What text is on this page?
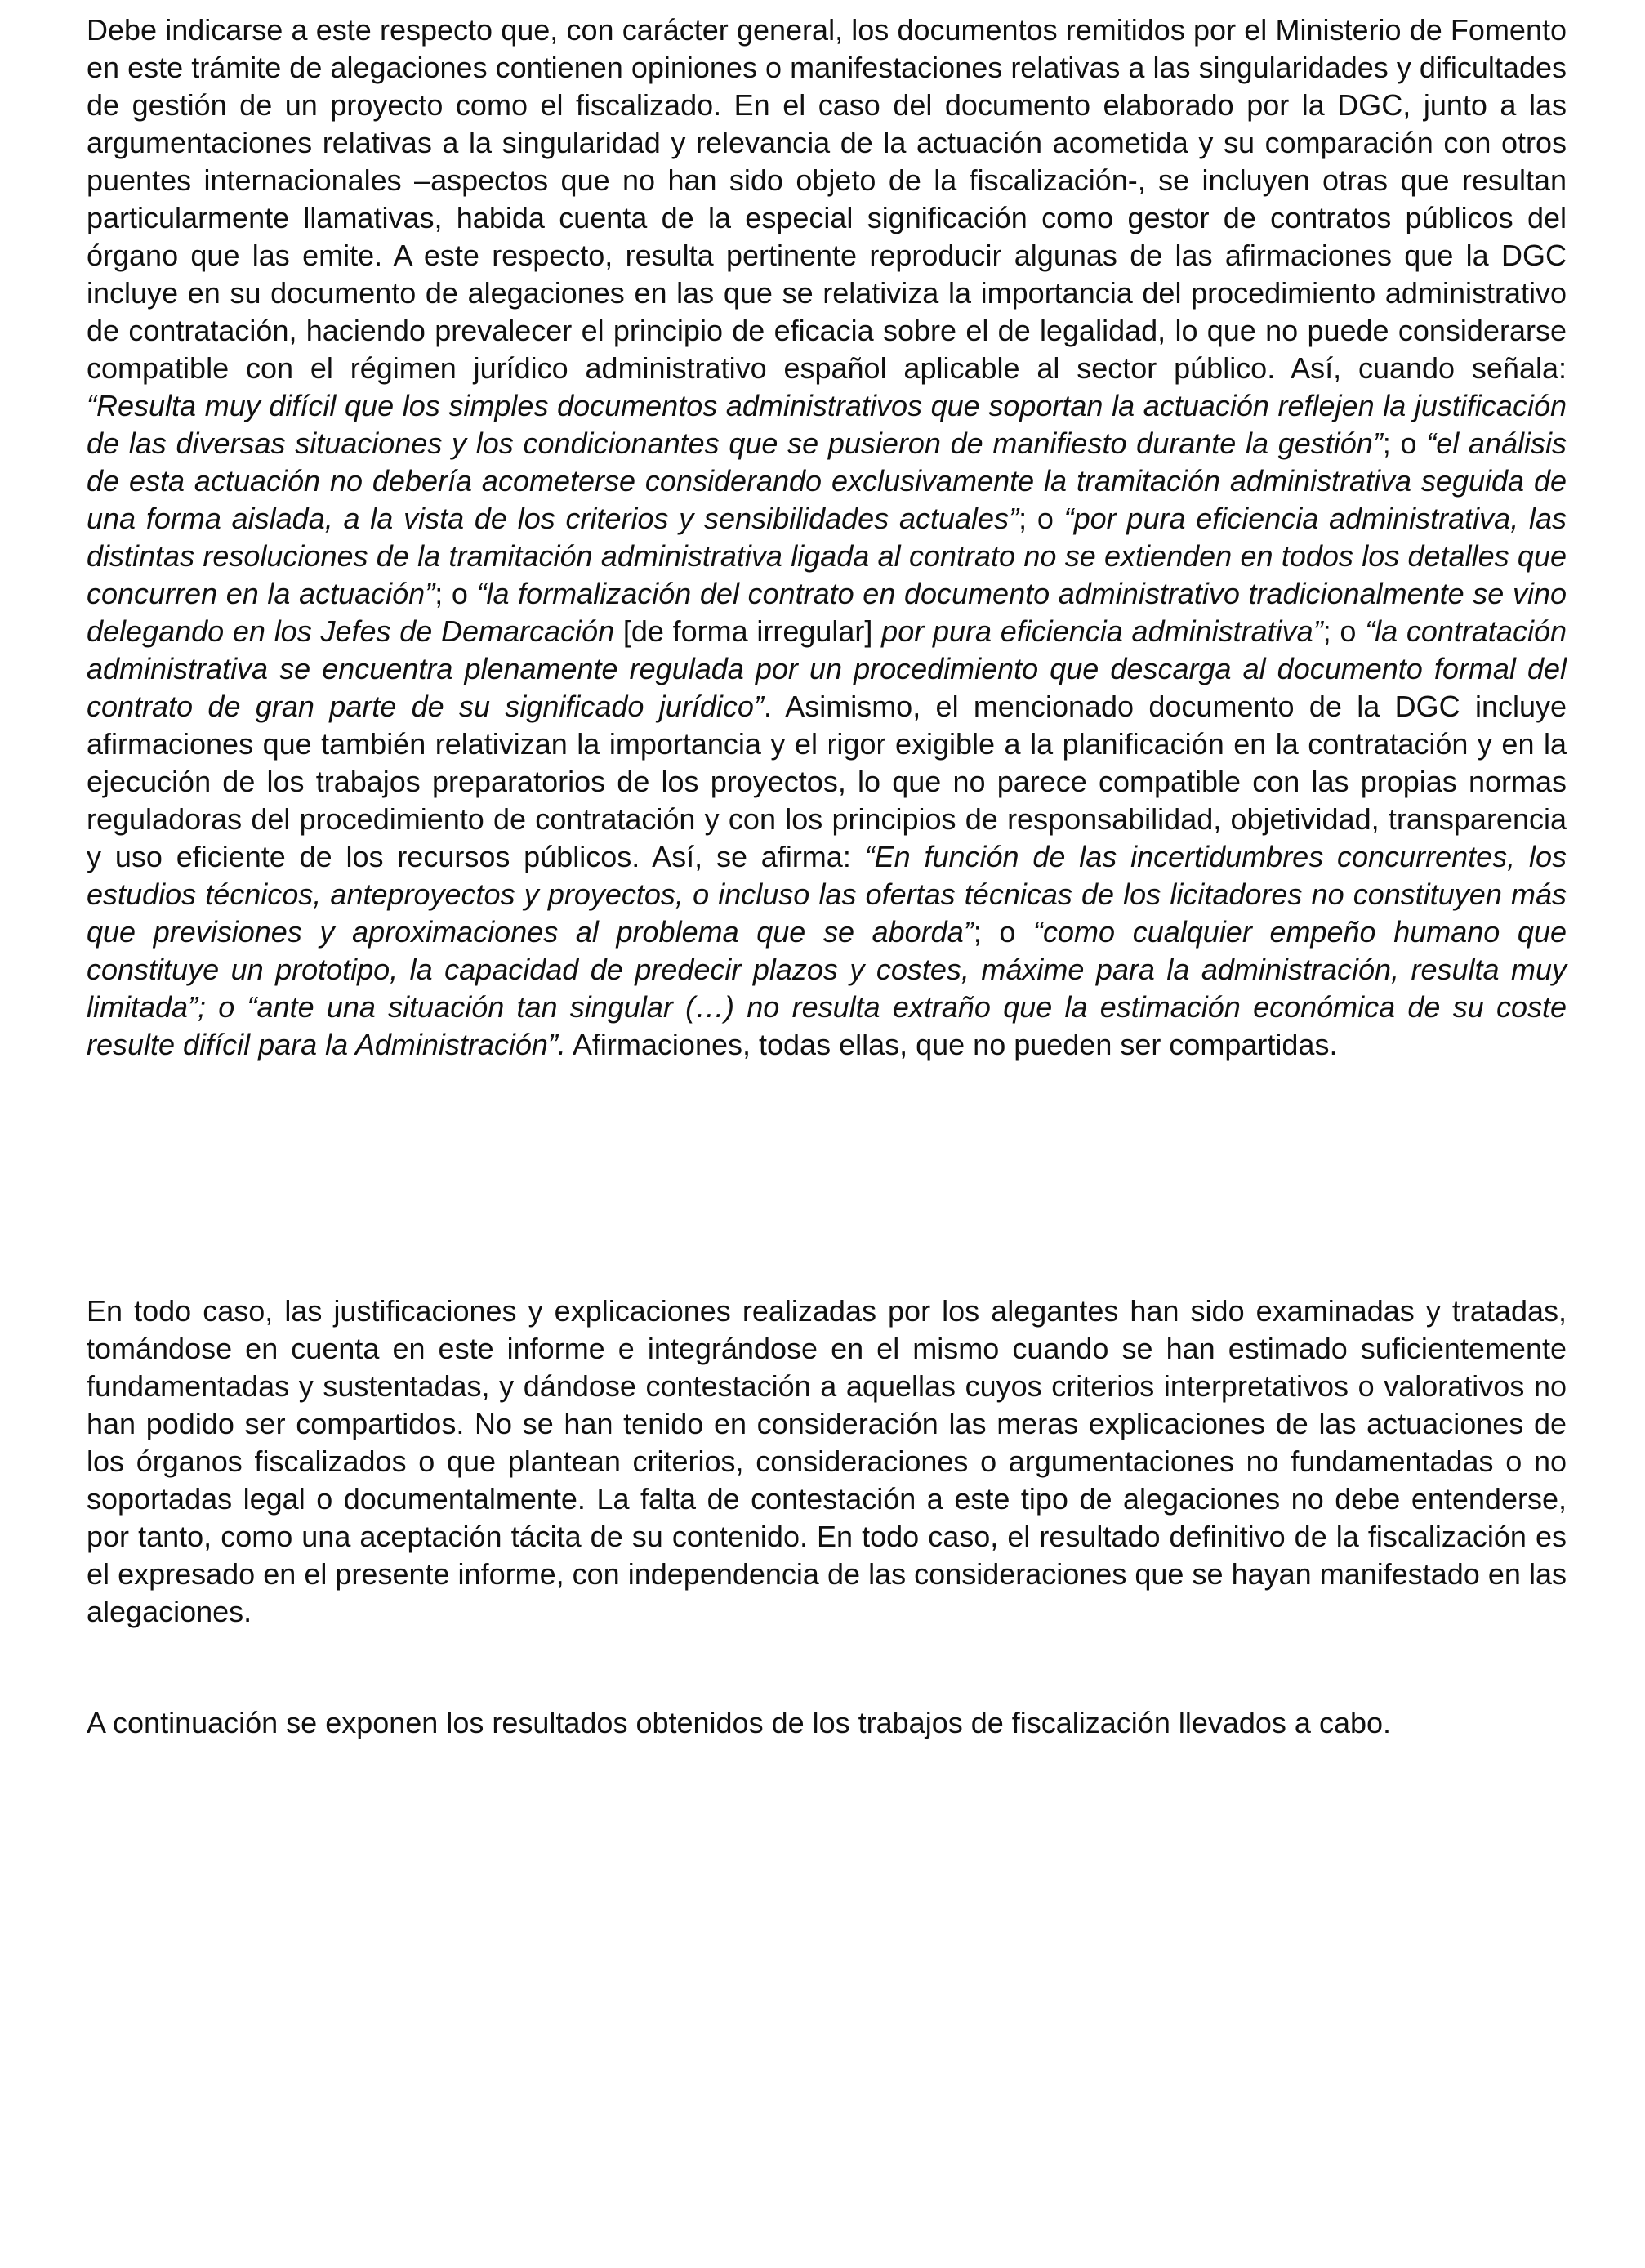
Debe indicarse a este respecto que, con carácter general, los documentos remitidos por el Ministerio de Fomento en este trámite de alegaciones contienen opiniones o manifestaciones relativas a las singularidades y dificultades de gestión de un proyecto como el fiscalizado. En el caso del documento elaborado por la DGC, junto a las argumentaciones relativas a la singularidad y relevancia de la actuación acometida y su comparación con otros puentes internacionales –aspectos que no han sido objeto de la fiscalización-, se incluyen otras que resultan particularmente llamativas, habida cuenta de la especial significación como gestor de contratos públicos del órgano que las emite. A este respecto, resulta pertinente reproducir algunas de las afirmaciones que la DGC incluye en su documento de alegaciones en las que se relativiza la importancia del procedimiento administrativo de contratación, haciendo prevalecer el principio de eficacia sobre el de legalidad, lo que no puede considerarse compatible con el régimen jurídico administrativo español aplicable al sector público. Así, cuando señala: “Resulta muy difícil que los simples documentos administrativos que soportan la actuación reflejen la justificación de las diversas situaciones y los condicionantes que se pusieron de manifiesto durante la gestión”; o “el análisis de esta actuación no debería acometerse considerando exclusivamente la tramitación administrativa seguida de una forma aislada, a la vista de los criterios y sensibilidades actuales”; o “por pura eficiencia administrativa, las distintas resoluciones de la tramitación administrativa ligada al contrato no se extienden en todos los detalles que concurren en la actuación”; o “la formalización del contrato en documento administrativo tradicionalmente se vino delegando en los Jefes de Demarcación [de forma irregular] por pura eficiencia administrativa”; o “la contratación administrativa se encuentra plenamente regulada por un procedimiento que descarga al documento formal del contrato de gran parte de su significado jurídico”. Asimismo, el mencionado documento de la DGC incluye afirmaciones que también relativizan la importancia y el rigor exigible a la planificación en la contratación y en la ejecución de los trabajos preparatorios de los proyectos, lo que no parece compatible con las propias normas reguladoras del procedimiento de contratación y con los principios de responsabilidad, objetividad, transparencia y uso eficiente de los recursos públicos. Así, se afirma: “En función de las incertidumbres concurrentes, los estudios técnicos, anteproyectos y proyectos, o incluso las ofertas técnicas de los licitadores no constituyen más que previsiones y aproximaciones al problema que se aborda”; o “como cualquier empeño humano que constituye un prototipo, la capacidad de predecir plazos y costes, máxime para la administración, resulta muy limitada”; o “ante una situación tan singular (…) no resulta extraño que la estimación económica de su coste resulte difícil para la Administración”. Afirmaciones, todas ellas, que no pueden ser compartidas.

En todo caso, las justificaciones y explicaciones realizadas por los alegantes han sido examinadas y tratadas, tomándose en cuenta en este informe e integrándose en el mismo cuando se han estimado suficientemente fundamentadas y sustentadas, y dándose contestación a aquellas cuyos criterios interpretativos o valorativos no han podido ser compartidos. No se han tenido en consideración las meras explicaciones de las actuaciones de los órganos fiscalizados o que plantean criterios, consideraciones o argumentaciones no fundamentadas o no soportadas legal o documentalmente. La falta de contestación a este tipo de alegaciones no debe entenderse, por tanto, como una aceptación tácita de su contenido. En todo caso, el resultado definitivo de la fiscalización es el expresado en el presente informe, con independencia de las consideraciones que se hayan manifestado en las alegaciones.

A continuación se exponen los resultados obtenidos de los trabajos de fiscalización llevados a cabo.
